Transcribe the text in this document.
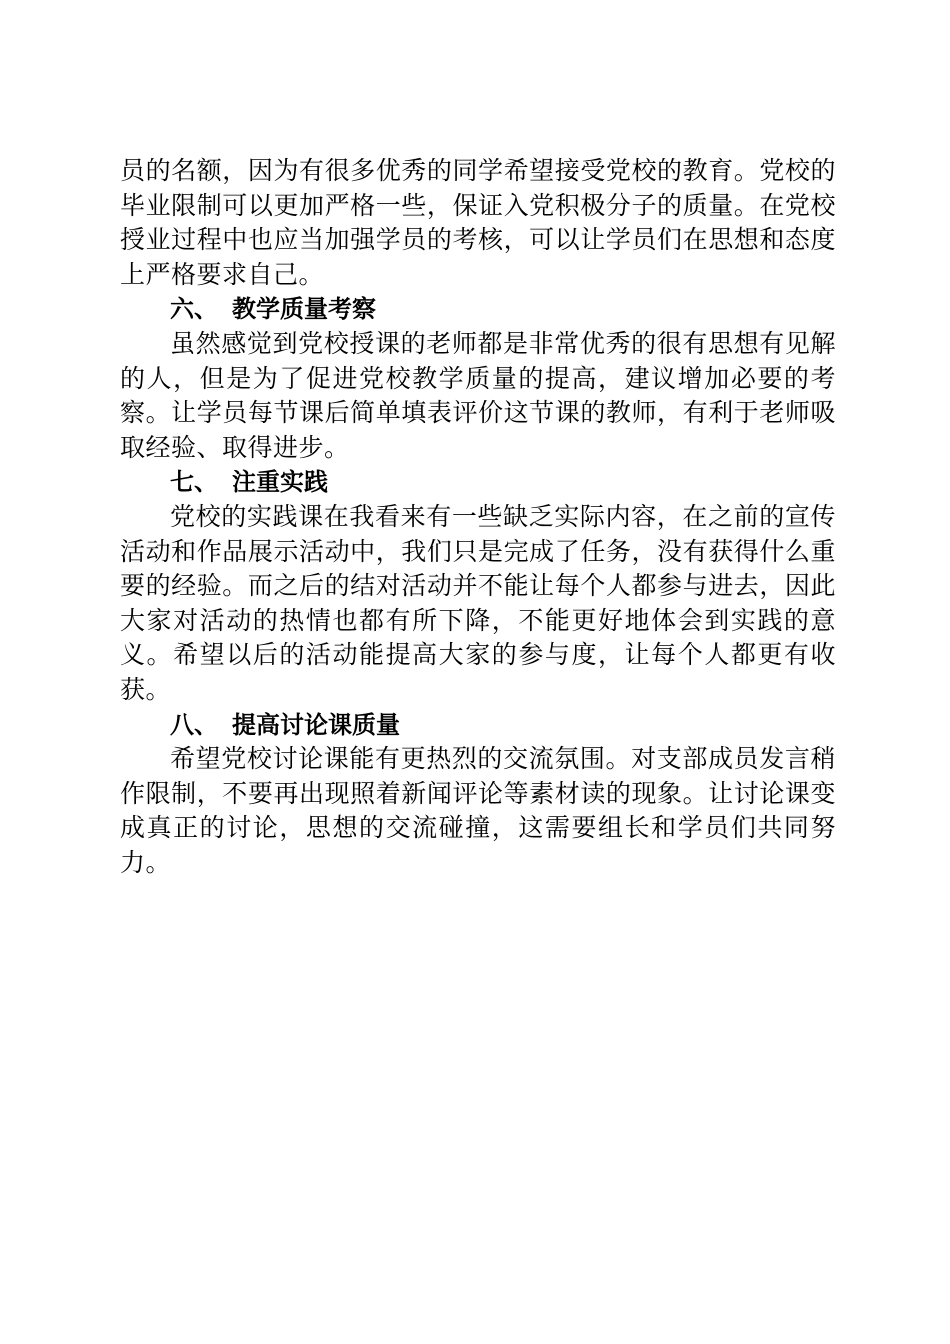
员的名额，因为有很多优秀的同学希望接受党校的教育。党校的毕业限制可以更加严格一些，保证入党积极分子的质量。在党校授业过程中也应当加强学员的考核，可以让学员们在思想和态度上严格要求自己。

六、 教学质量考察

虽然感觉到党校授课的老师都是非常优秀的很有思想有见解的人，但是为了促进党校教学质量的提高，建议增加必要的考察。让学员每节课后简单填表评价这节课的教师，有利于老师吸取经验、取得进步。

七、 注重实践

党校的实践课在我看来有一些缺乏实际内容，在之前的宣传活动和作品展示活动中，我们只是完成了任务，没有获得什么重要的经验。而之后的结对活动并不能让每个人都参与进去，因此大家对活动的热情也都有所下降，不能更好地体会到实践的意义。希望以后的活动能提高大家的参与度，让每个人都更有收获。

八、 提高讨论课质量

希望党校讨论课能有更热烈的交流氛围。对支部成员发言稍作限制，不要再出现照着新闻评论等素材读的现象。让讨论课变成真正的讨论，思想的交流碰撞，这需要组长和学员们共同努力。
